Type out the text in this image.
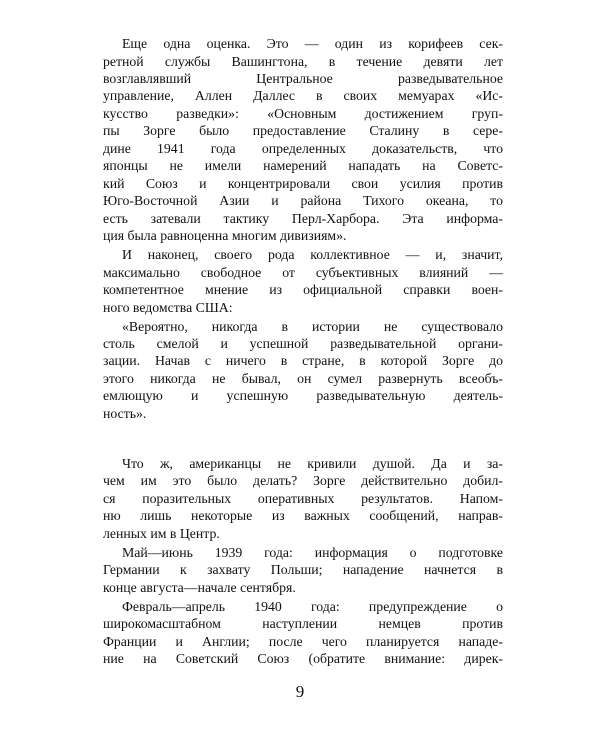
Еще одна оценка. Это — один из корифеев сек-
ретной службы Вашингтона, в течение девяти лет
возглавлявший Центральное разведывательное
управление, Аллен Даллес в своих мемуарах «Ис-
кусство разведки»: «Основным достижением груп-
пы Зорге было предоставление Сталину в сере-
дине 1941 года определенных доказательств, что
японцы не имели намерений нападать на Советс-
кий Союз и концентрировали свои усилия против
Юго-Восточной Азии и района Тихого океана, то
есть затевали тактику Перл-Харбора. Эта информа-
ция была равноценна многим дивизиям».
И наконец, своего рода коллективное — и, значит,
максимально свободное от субъективных влияний —
компетентное мнение из официальной справки воен-
ного ведомства США:
«Вероятно, никогда в истории не существовало
столь смелой и успешной разведывательной органи-
зации. Начав с ничего в стране, в которой Зорге до
этого никогда не бывал, он сумел развернуть всеобъ-
емлющую и успешную разведывательную деятель-
ность».
Что ж, американцы не кривили душой. Да и за-
чем им это было делать? Зорге действительно добил-
ся поразительных оперативных результатов. Напом-
ню лишь некоторые из важных сообщений, направ-
ленных им в Центр.
Май—июнь 1939 года: информация о подготовке
Германии к захвату Польши; нападение начнется в
конце августа—начале сентября.
Февраль—апрель 1940 года: предупреждение о
широкомасштабном наступлении немцев против
Франции и Англии; после чего планируется нападе-
ние на Советский Союз (обратите внимание: дирек-
9
